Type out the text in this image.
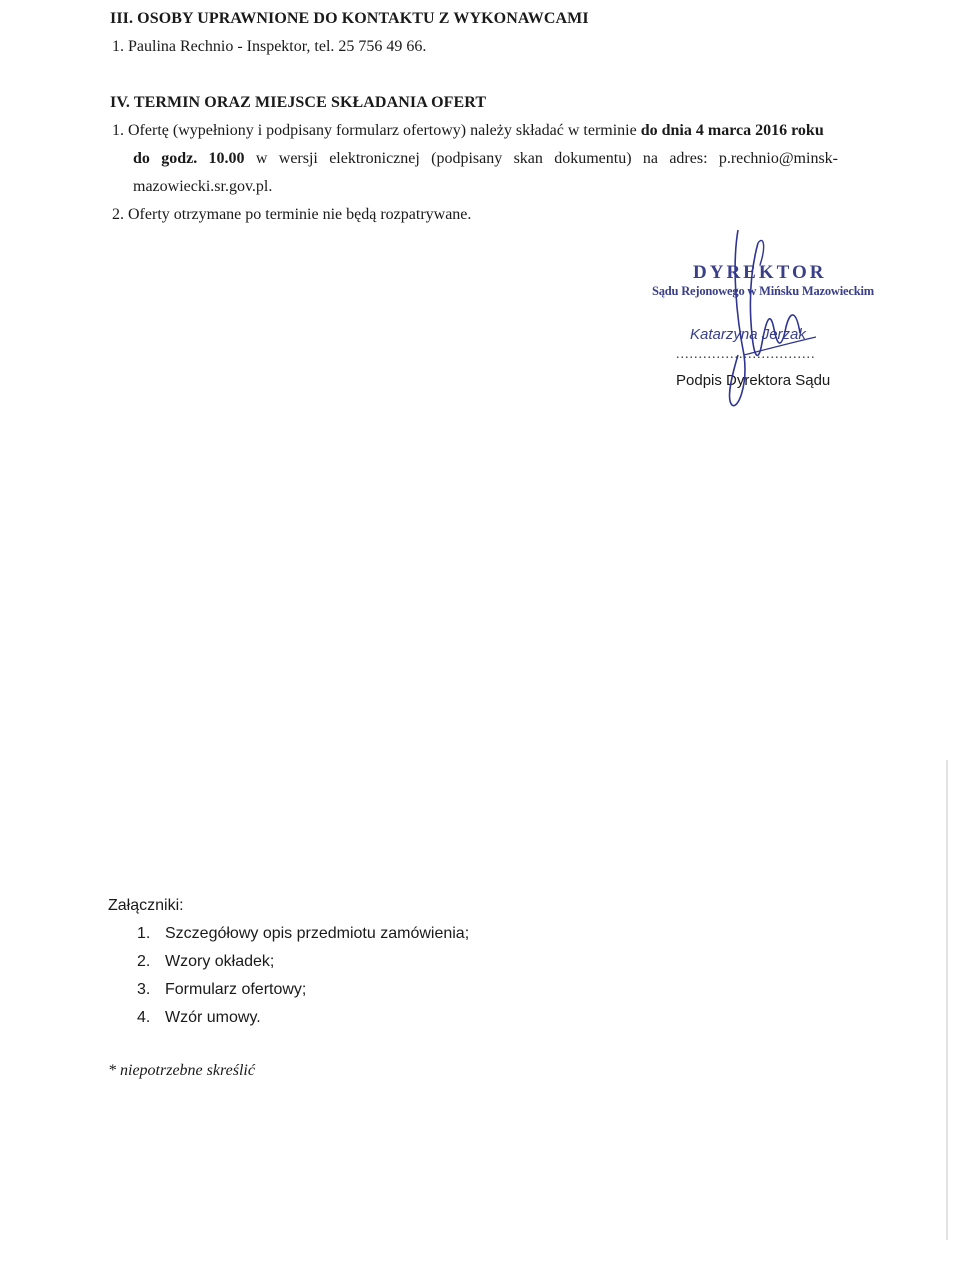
III. OSOBY UPRAWNIONE DO KONTAKTU Z WYKONAWCAMI
1. Paulina Rechnio - Inspektor, tel. 25 756 49 66.
IV. TERMIN ORAZ MIEJSCE SKŁADANIA OFERT
1. Ofertę (wypełniony i podpisany formularz ofertowy) należy składać w terminie do dnia 4 marca 2016 roku
do godz. 10.00 w wersji elektronicznej (podpisany skan dokumentu) na adres: p.rechnio@minsk-
mazowiecki.sr.gov.pl.
2. Oferty otrzymane po terminie nie będą rozpatrywane.
DYREKTOR
Sądu Rejonowego w Mińsku Mazowieckim
Katarzyna Jerzak
...............................
Podpis Dyrektora Sądu
Załączniki:
1. Szczegółowy opis przedmiotu zamówienia;
2. Wzory okładek;
3. Formularz ofertowy;
4. Wzór umowy.
* niepotrzebne skreślić
